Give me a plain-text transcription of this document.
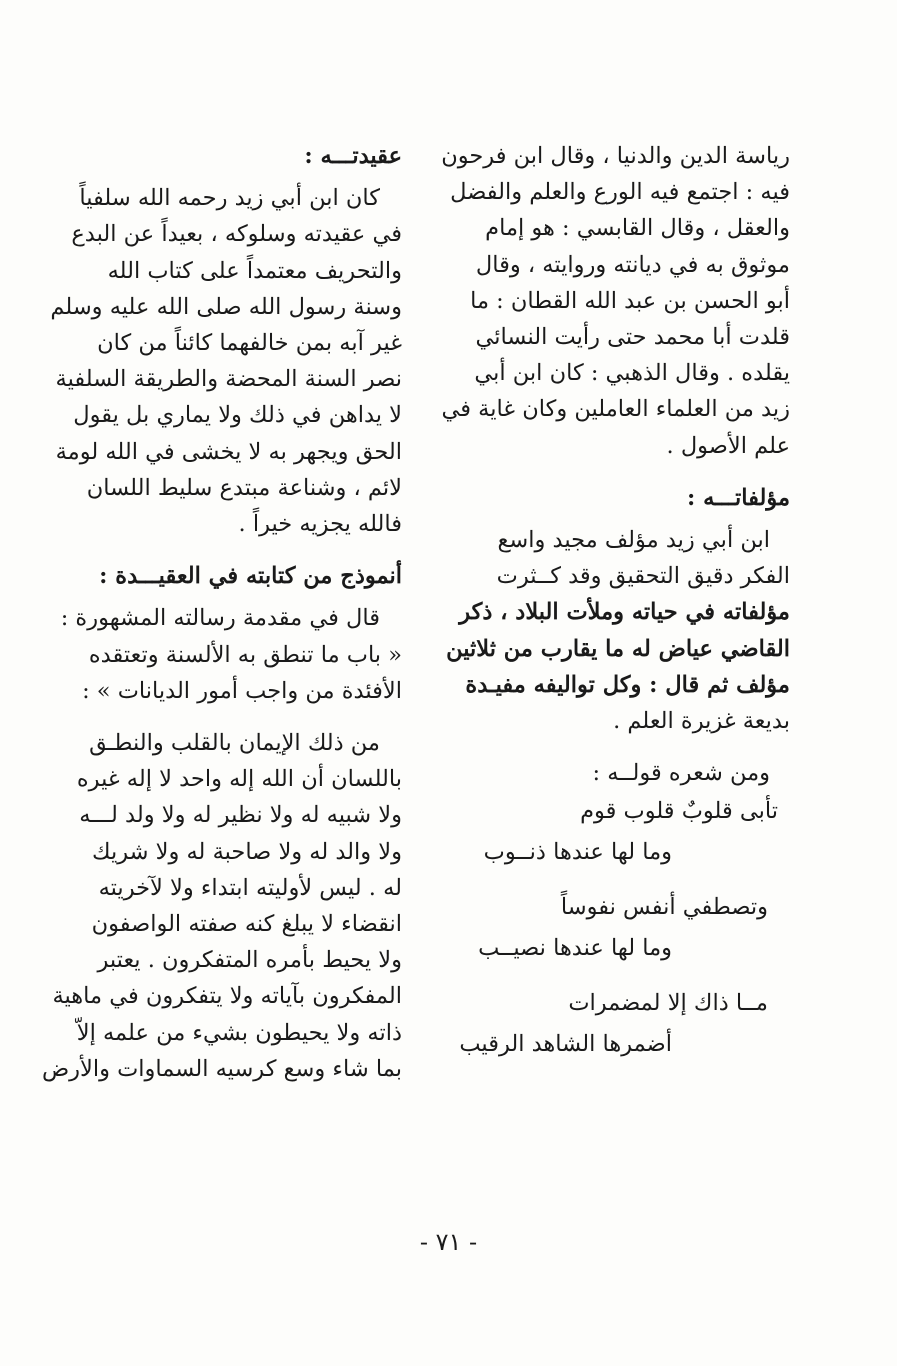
رياسة الدين والدنيا ، وقال ابن فرحون
فيه : اجتمع فيه الورع والعلم والفضل
والعقل ، وقال القابسي : هو إمام
موثوق به في ديانته وروايته ، وقال
أبو الحسن بن عبد الله القطان : ما
قلدت أبا محمد حتى رأيت النسائي
يقلده . وقال الذهبي : كان ابن أبي
زيد من العلماء العاملين وكان غاية في
علم الأصول .
مؤلفاتـــه :
ابن أبي زيد مؤلف مجيد واسع
الفكر دقيق التحقيق وقد كــثرت
مؤلفاته في حياته وملأت البلاد ، ذكر
القاضي عياض له ما يقارب من ثلاثين
مؤلف ثم قال : وكل تواليفه مفيـدة
بديعة غزيرة العلم .
ومن شعره قولــه :
تأبى قلوبٌ قلوب قوم
وما لها عندها ذنــوب
وتصطفي أنفس نفوساً
وما لها عندها نصيــب
مــا ذاك إلا لمضمرات
أضمرها الشاهد الرقيب
عقيدتـــه :
كان ابن أبي زيد رحمه الله سلفياً
في عقيدته وسلوكه ، بعيداً عن البدع
والتحريف معتمداً على كتاب الله
وسنة رسول الله صلى الله عليه وسلم
غير آبه بمن خالفهما كائناً من كان
نصر السنة المحضة والطريقة السلفية
لا يداهن في ذلك ولا يماري بل يقول
الحق ويجهر به لا يخشى في الله لومة
لائم ، وشناعة مبتدع سليط اللسان
فالله يجزيه خيراً .
أنموذج من كتابته في العقيـــدة :
قال في مقدمة رسالته المشهورة :
« باب ما تنطق به الألسنة وتعتقده
الأفئدة من واجب أمور الديانات » :
من ذلك الإيمان بالقلب والنطـق
باللسان أن الله إله واحد لا إله غيره
ولا شبيه له ولا نظير له ولا ولد لـــه
ولا والد له ولا صاحبة له ولا شريك
له . ليس لأوليته ابتداء ولا لآخريته
انقضاء لا يبلغ كنه صفته الواصفون
ولا يحيط بأمره المتفكرون . يعتبر
المفكرون بآياته ولا يتفكرون في ماهية
ذاته ولا يحيطون بشيء من علمه إلاّ
بما شاء وسع كرسيه السماوات والأرض
- ٧١ -
